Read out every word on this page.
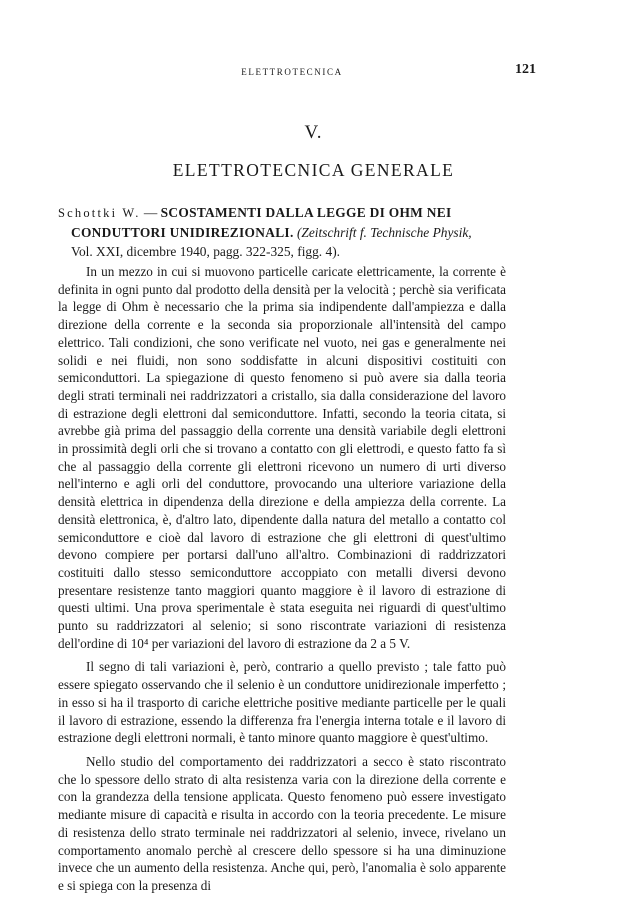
ELETTROTECNICA	121
V.
ELETTROTECNICA GENERALE

Schottki W. — SCOSTAMENTI DALLA LEGGE DI OHM NEI

CONDUTTORI UNIDIREZIONALI. (Zeitschrift f. Technische Physik,

Vol. XXI, dicembre 1940, pagg. 322-325, figg. 4).

In un mezzo in cui si muovono particelle caricate elettricamente, la corrente è definita in ogni punto dal prodotto della densità per la velocità ; perchè sia verificata la legge di Ohm è necessario che la prima sia indipendente dall'ampiezza e dalla direzione della corrente e la seconda sia proporzionale all'intensità del campo elettrico. Tali condizioni, che sono verificate nel vuoto, nei gas e generalmente nei solidi e nei fluidi, non sono soddisfatte in alcuni dispositivi costituiti con semiconduttori. La spiegazione di questo fenomeno si può avere sia dalla teoria degli strati terminali nei raddrizzatori a cristallo, sia dalla considerazione del lavoro di estrazione degli elettroni dal semiconduttore. Infatti, secondo la teoria citata, si avrebbe già prima del passaggio della corrente una densità variabile degli elettroni in prossimità degli orli che si trovano a contatto con gli elettrodi, e questo fatto fa sì che al passaggio della corrente gli elettroni ricevono un numero di urti diverso nell'interno e agli orli del conduttore, provocando una ulteriore variazione della densità elettrica in dipendenza della direzione e della ampiezza della corrente. La densità elettronica, è, d'altro lato, dipendente dalla natura del metallo a contatto col semiconduttore e cioè dal lavoro di estrazione che gli elettroni di quest'ultimo devono compiere per portarsi dall'uno all'altro. Combinazioni di raddrizzatori costituiti dallo stesso semiconduttore accoppiato con metalli diversi devono presentare resistenze tanto maggiori quanto maggiore è il lavoro di estrazione di questi ultimi. Una prova sperimentale è stata eseguita nei riguardi di quest'ultimo punto su raddrizzatori al selenio; si sono riscontrate variazioni di resistenza dell'ordine di 10⁴ per variazioni del lavoro di estrazione da 2 a 5 V.

Il segno di tali variazioni è, però, contrario a quello previsto ; tale fatto può essere spiegato osservando che il selenio è un conduttore unidirezionale imperfetto ; in esso si ha il trasporto di cariche elettriche positive mediante particelle per le quali il lavoro di estrazione, essendo la differenza fra l'energia interna totale e il lavoro di estrazione degli elettroni normali, è tanto minore quanto maggiore è quest'ultimo.

Nello studio del comportamento dei raddrizzatori a secco è stato riscontrato che lo spessore dello strato di alta resistenza varia con la direzione della corrente e con la grandezza della tensione applicata. Questo fenomeno può essere investigato mediante misure di capacità e risulta in accordo con la teoria precedente. Le misure di resistenza dello strato terminale nei raddrizzatori al selenio, invece, rivelano un comportamento anomalo perchè al crescere dello spessore si ha una diminuzione invece che un aumento della resistenza. Anche qui, però, l'anomalia è solo apparente e si spiega con la presenza di
